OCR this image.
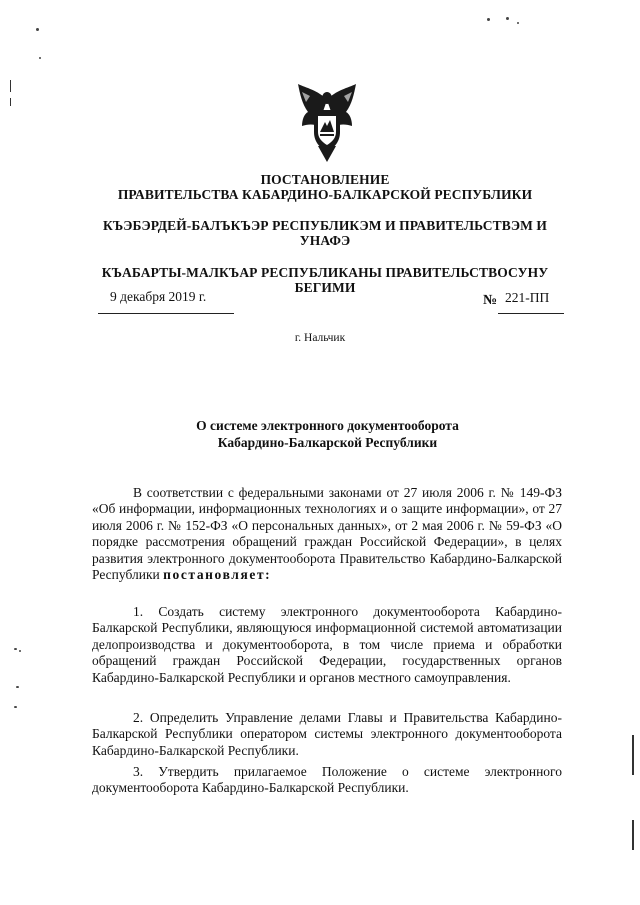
ПОСТАНОВЛЕНИЕ
ПРАВИТЕЛЬСТВА КАБАРДИНО-БАЛКАРСКОЙ РЕСПУБЛИКИ
КЪЭБЭРДЕЙ-БАЛЪКЪЭР РЕСПУБЛИКЭМ И ПРАВИТЕЛЬСТВЭМ И
УНАФЭ
КЪАБАРТЫ-МАЛКЪАР РЕСПУБЛИКАНЫ ПРАВИТЕЛЬСТВОСУНУ
БЕГИМИ
9 декабря 2019 г.	№ 221-ПП
г. Нальчик
О системе электронного документооборота
Кабардино-Балкарской Республики

В соответствии с федеральными законами от 27 июля 2006 г. № 149-ФЗ «Об информации, информационных технологиях и о защите информации», от 27 июля 2006 г. № 152-ФЗ «О персональных данных», от 2 мая 2006 г. № 59-ФЗ «О порядке рассмотрения обращений граждан Российской Федерации», в целях развития электронного документооборота Правительство Кабардино-Балкарской Республики постановляет:

1. Создать систему электронного документооборота Кабардино-Балкарской Республики, являющуюся информационной системой автоматизации делопроизводства и документооборота, в том числе приема и обработки обращений граждан Российской Федерации, государственных органов Кабардино-Балкарской Республики и органов местного самоуправления.

2. Определить Управление делами Главы и Правительства Кабардино-Балкарской Республики оператором системы электронного документооборота Кабардино-Балкарской Республики.

3. Утвердить прилагаемое Положение о системе электронного документооборота Кабардино-Балкарской Республики.
